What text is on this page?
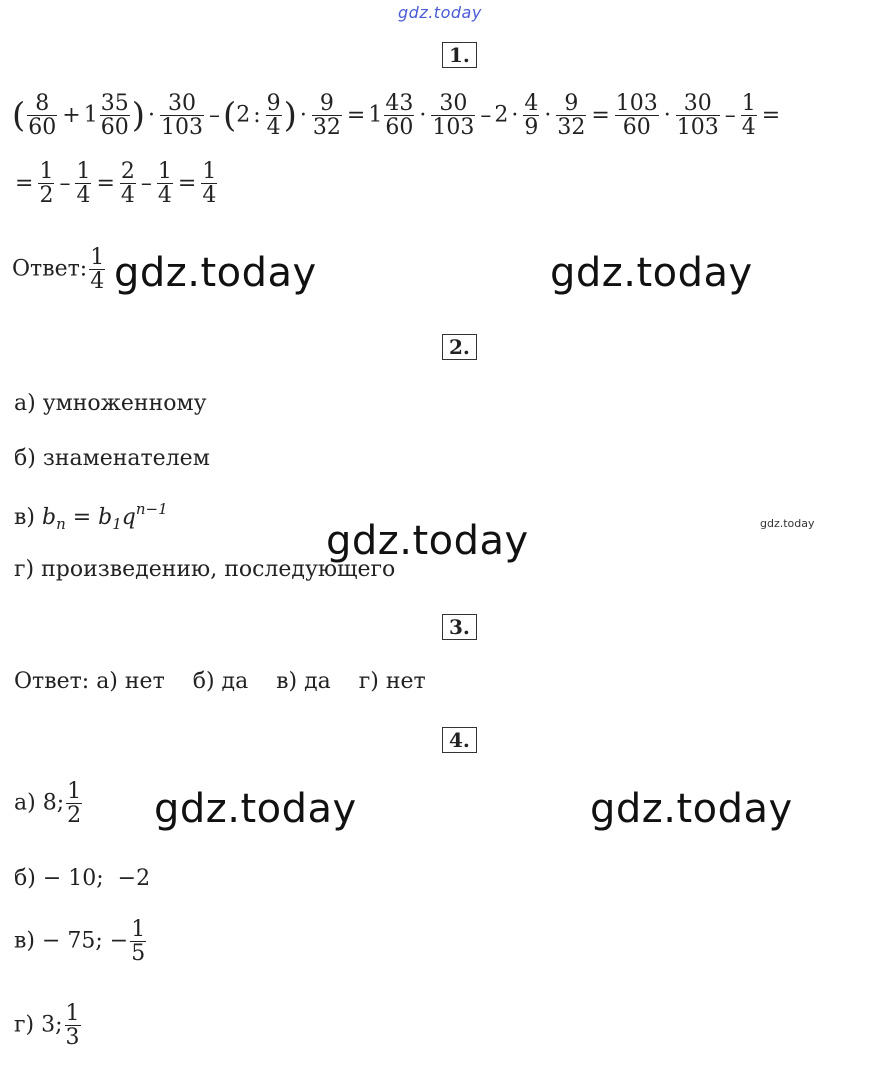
gdz.today
1.
( $\frac{8}{60} + 1 \frac{35}{60}$ ) · $\frac{30}{103} -(2$ : $\frac{9}{4}$ ) · $\frac{9}{32} = 1 \frac{43}{60} \cdot \frac{30}{103} - 2 \cdot \frac{4}{9} \cdot \frac{9}{32} = \frac{103}{60} \cdot \frac{30}{103} - \frac{1}{4}$ =
= $\frac{1}{2} - \frac{1}{4} = \frac{2}{4} - \frac{1}{4} = \frac{1}{4}$
Ответ: $\frac{1}{4}$ gdz.today	gdz.today
2.
а) умноженному
б) знаменателем
в) $b_n = b_1q^{n-1}$
gdz.today
gdz.today
г) произведению, последующего
3.
Ответ: а) нет    б) да    в) да    г) нет
4.
а) 8; $\frac{1}{2}$ gdz.today	gdz.today
б) − 10;  −2
в) − 75; − $\frac{1}{5}$
г) 3; $\frac{1}{3}$
